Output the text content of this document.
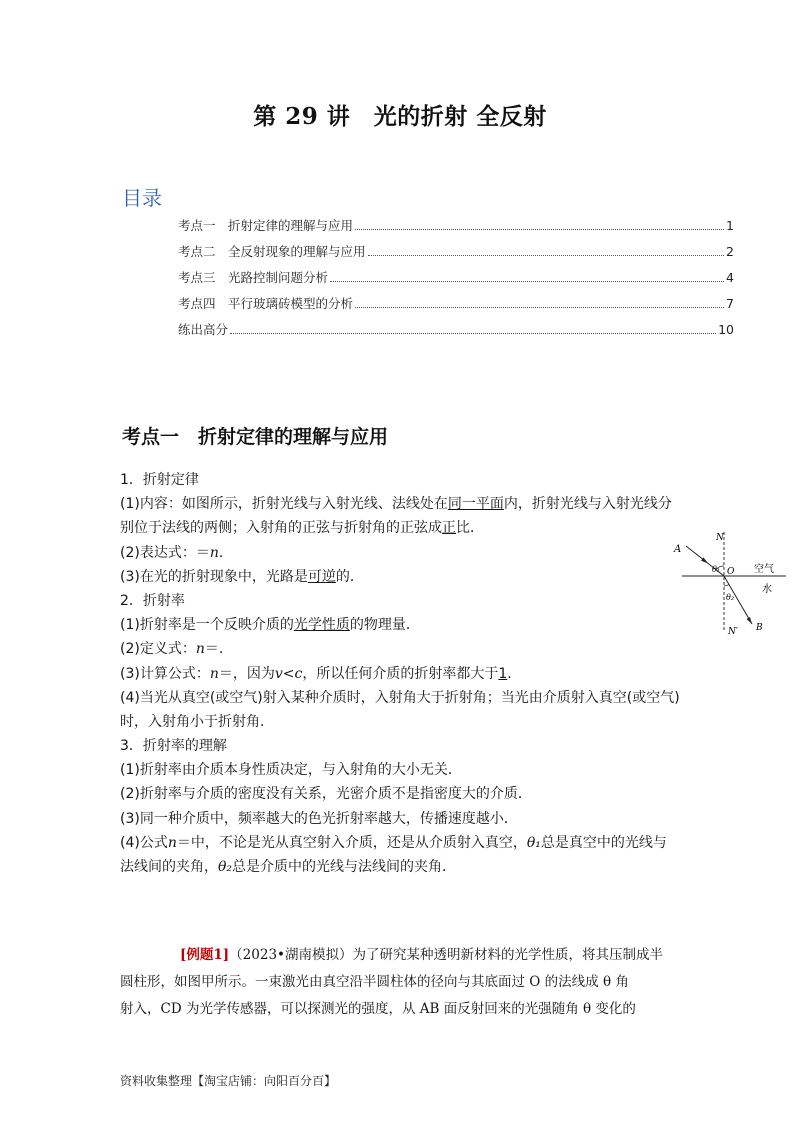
第 29 讲　光的折射 全反射
目录
考点一　折射定律的理解与应用	1
考点二　全反射现象的理解与应用	2
考点三　光路控制问题分析	4
考点四　平行玻璃砖模型的分析	7
练出高分	10
考点一　折射定律的理解与应用
1．折射定律
(1)内容：如图所示，折射光线与入射光线、法线处在同一平面内，折射光线与入射光线分
别位于法线的两侧；入射角的正弦与折射角的正弦成正比．
(2)表达式：＝n.
(3)在光的折射现象中，光路是可逆的．
2．折射率
(1)折射率是一个反映介质的光学性质的物理量．
(2)定义式：n＝.
(3)计算公式：n＝，因为v<c，所以任何介质的折射率都大于1.
(4)当光从真空(或空气)射入某种介质时，入射角大于折射角；当光由介质射入真空(或空气)
时，入射角小于折射角．
3．折射率的理解
(1)折射率由介质本身性质决定，与入射角的大小无关．
(2)折射率与介质的密度没有关系，光密介质不是指密度大的介质．
(3)同一种介质中，频率越大的色光折射率越大，传播速度越小．
(4)公式n＝中，不论是光从真空射入介质，还是从介质射入真空，θ₁总是真空中的光线与
法线间的夹角，θ₂总是介质中的光线与法线间的夹角．
A
N
θ₁ O 空气
水
θ₂
N′ B
[例题1]（2023•湖南模拟）为了研究某种透明新材料的光学性质，将其压制成半
圆柱形，如图甲所示。一束激光由真空沿半圆柱体的径向与其底面过 O 的法线成 θ 角
射入，CD 为光学传感器，可以探测光的强度，从 AB 面反射回来的光强随角 θ 变化的
资料收集整理【淘宝店铺：向阳百分百】
